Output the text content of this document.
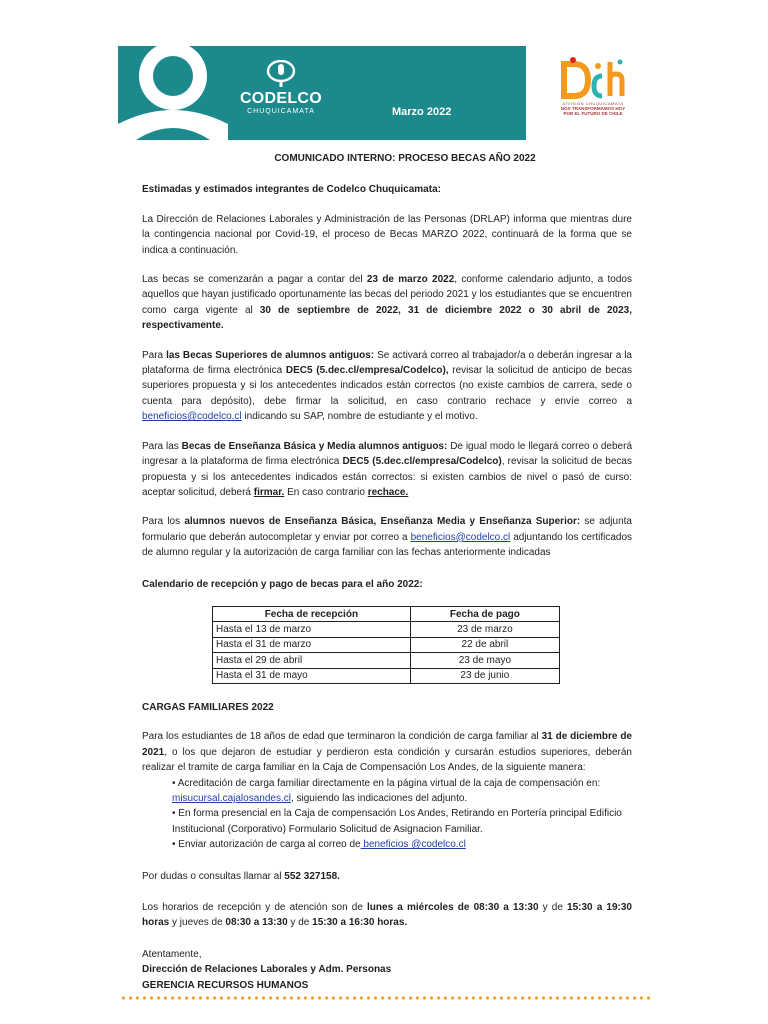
CODELCO
CHUQUICAMATA	Marzo 2022
DIVISIÓN CHUQUICAMATA
NOS TRANSFORMAMOS HOY
POR EL FUTURO DE CHILE
COMUNICADO INTERNO: PROCESO BECAS AÑO 2022
Estimadas y estimados integrantes de Codelco Chuquicamata:
La Dirección de Relaciones Laborales y Administración de las Personas (DRLAP) informa que mientras dure la contingencia nacional por Covid-19, el proceso de Becas MARZO 2022, continuará de la forma que se indica a continuación.
Las becas se comenzarán a pagar a contar del 23 de marzo 2022, conforme calendario adjunto, a todos aquellos que hayan justificado oportunamente las becas del periodo 2021 y los estudiantes que se encuentren como carga vigente al 30 de septiembre de 2022, 31 de diciembre 2022 o 30 abril de 2023, respectivamente.
Para las Becas Superiores de alumnos antiguos: Se activará correo al trabajador/a o deberán ingresar a la plataforma de firma electrónica DEC5 (5.dec.cl/empresa/Codelco), revisar la solicitud de anticipo de becas superiores propuesta y si los antecedentes indicados están correctos (no existe cambios de carrera, sede o cuenta para depósito), debe firmar la solicitud, en caso contrario rechace y envíe correo a beneficios@codelco.cl indicando su SAP, nombre de estudiante y el motivo.
Para las Becas de Enseñanza Básica y Media alumnos antiguos: De igual modo le llegará correo o deberá ingresar a la plataforma de firma electrónica DEC5 (5.dec.cl/empresa/Codelco), revisar la solicitud de becas propuesta y si los antecedentes indicados están correctos: si existen cambios de nivel o pasó de curso: aceptar solicitud, deberá firmar. En caso contrario rechace.
Para los alumnos nuevos de Enseñanza Básica, Enseñanza Media y Enseñanza Superior: se adjunta formulario que deberán autocompletar y enviar por correo a beneficios@codelco.cl adjuntando los certificados de alumno regular y la autorización de carga familiar con las fechas anteriormente indicadas
Calendario de recepción y pago de becas para el año 2022:
Fecha de recepción	Fecha de pago
Hasta el 13 de marzo	23 de marzo
Hasta el 31 de marzo	22 de abril
Hasta el 29 de abril	23 de mayo
Hasta el 31 de mayo	23 de junio
CARGAS FAMILIARES 2022
Para los estudiantes de 18 años de edad que terminaron la condición de carga familiar al 31 de diciembre de 2021, o los que dejaron de estudiar y perdieron esta condición y cursarán estudios superiores, deberán realizar el tramite de carga familiar en la Caja de Compensación Los Andes, de la siguiente manera:
• Acreditación de carga familiar directamente en la página virtual de la caja de compensación en: misucursal.cajalosandes.cl, siguiendo las indicaciones del adjunto.
• En forma presencial en la Caja de compensación Los Andes, Retirando en Portería principal Edificio Institucional (Corporativo) Formulario Solicitud de Asignacion Familiar.
• Enviar autorización de carga al correo de beneficios @codelco.cl
Por dudas o consultas llamar al 552 327158.
Los horarios de recepción y de atención son de lunes a miércoles de 08:30 a 13:30 y de 15:30 a 19:30 horas y jueves de 08:30 a 13:30 y de 15:30 a 16:30 horas.
Atentamente,
Dirección de Relaciones Laborales y Adm. Personas
GERENCIA RECURSOS HUMANOS
